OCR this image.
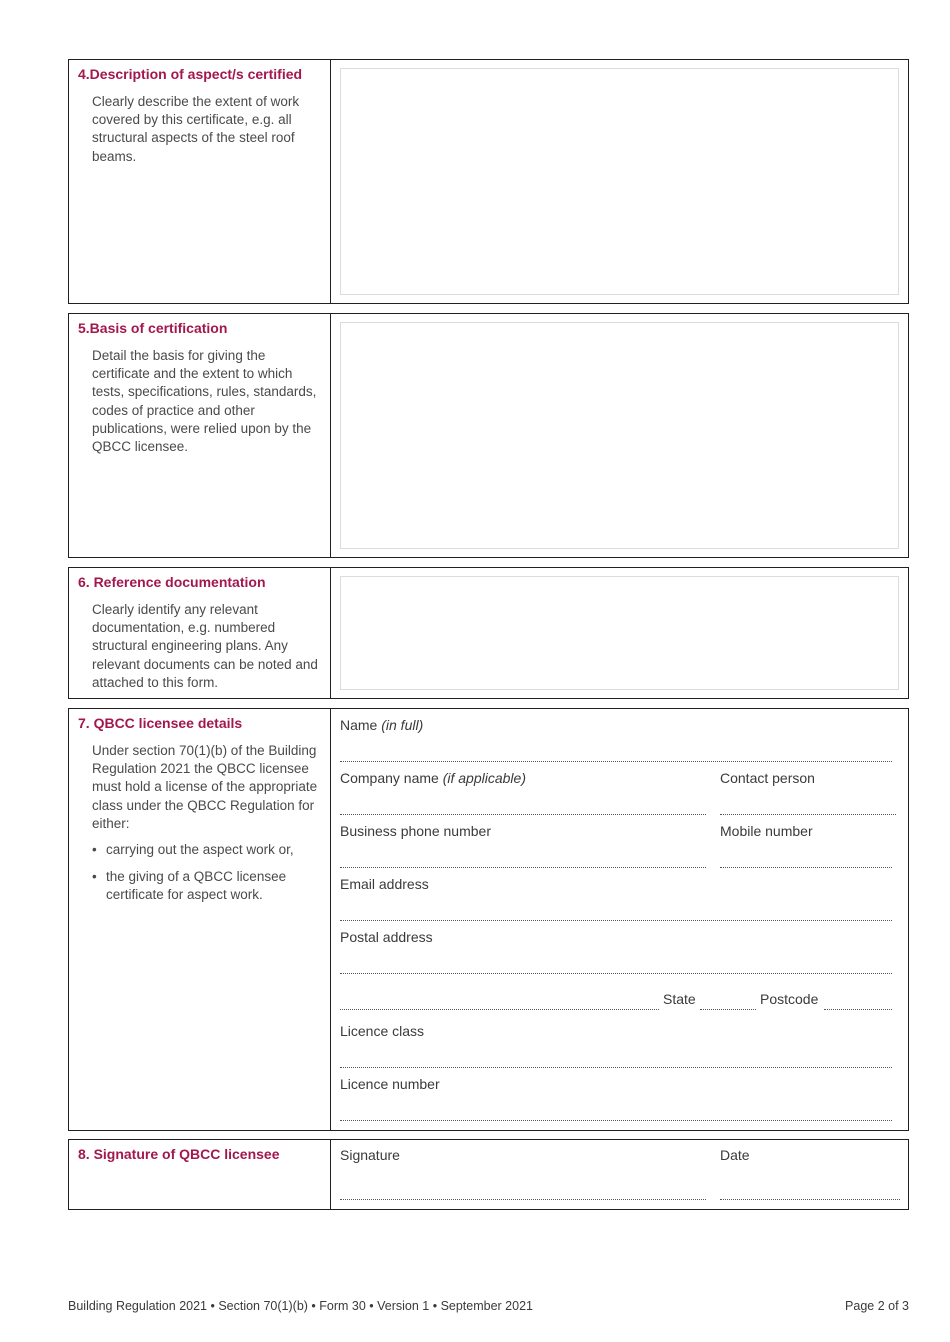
4.Description of aspect/s certified
Clearly describe the extent of work covered by this certificate, e.g. all structural aspects of the steel roof beams.
5.Basis of certification
Detail the basis for giving the certificate and the extent to which tests, specifications, rules, standards, codes of practice and other publications, were relied upon by the QBCC licensee.
6. Reference documentation
Clearly identify any relevant documentation, e.g. numbered structural engineering plans. Any relevant documents can be noted and attached to this form.
7. QBCC licensee details
Under section 70(1)(b) of the Building Regulation 2021 the QBCC licensee must hold a license of the appropriate class under the QBCC Regulation for either:
• carrying out the aspect work or,
• the giving of a QBCC licensee certificate for aspect work.
Name (in full)
Company name (if applicable)	Contact person
Business phone number	Mobile number
Email address
Postal address
State	Postcode
Licence class
Licence number
8. Signature of QBCC licensee	Signature	Date
Building Regulation 2021 • Section 70(1)(b) • Form 30 • Version 1 • September 2021	Page 2 of 3
